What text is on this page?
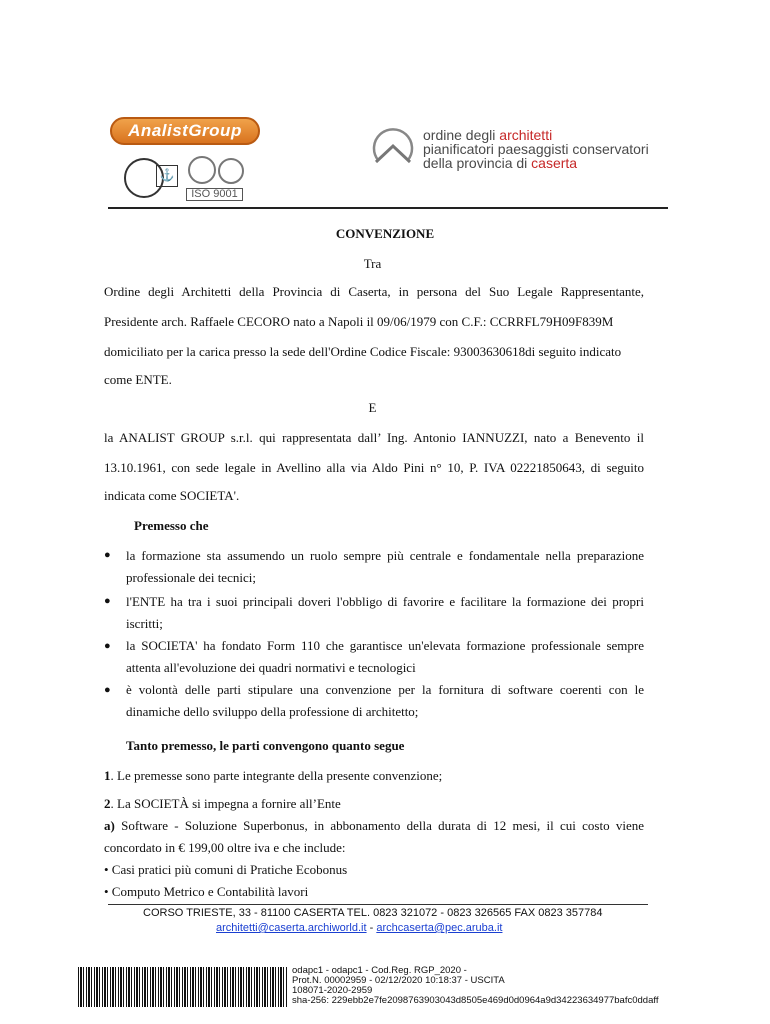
AnalistGroup
⚓
ISO 9001
ordine degli architetti
pianificatori paesaggisti conservatori
della provincia di caserta
CONVENZIONE
Tra
Ordine degli Architetti della Provincia di Caserta, in persona del Suo Legale Rappresentante,
Presidente arch. Raffaele CECORO nato a Napoli il 09/06/1979 con C.F.: CCRRFL79H09F839M
domiciliato per la carica presso la sede dell'Ordine Codice Fiscale: 93003630618di seguito indicato
come ENTE.
E
la ANALIST GROUP s.r.l. qui rappresentata dall’ Ing. Antonio IANNUZZI, nato a Benevento il
13.10.1961, con sede legale in Avellino alla via Aldo Pini n° 10, P. IVA 02221850643, di seguito
indicata come SOCIETA'.
Premesso che
● la formazione sta assumendo un ruolo sempre più centrale e fondamentale nella preparazione
professionale dei tecnici;
● l'ENTE ha tra i suoi principali doveri l'obbligo di favorire e facilitare la formazione dei propri
iscritti;
● la SOCIETA' ha fondato Form 110 che garantisce un'elevata formazione professionale sempre
attenta all'evoluzione dei quadri normativi e tecnologici
● è volontà delle parti stipulare una convenzione per la fornitura di software coerenti con le
dinamiche dello sviluppo della professione di architetto;
Tanto premesso, le parti convengono quanto segue
1. Le premesse sono parte integrante della presente convenzione;
2. La SOCIETÀ si impegna a fornire all’Ente
a) Software - Soluzione Superbonus, in abbonamento della durata di 12 mesi, il cui costo viene
concordato in € 199,00 oltre iva e che include:
• Casi pratici più comuni di Pratiche Ecobonus
• Computo Metrico e Contabilità lavori
CORSO TRIESTE, 33 - 81100 CASERTA TEL. 0823 321072 - 0823 326565 FAX 0823 357784
architetti@caserta.archiworld.it - archcaserta@pec.aruba.it
odapc1 - odapc1 - Cod.Reg. RGP_2020 -
Prot.N. 00002959 - 02/12/2020 10:18:37 - USCITA
108071-2020-2959
sha-256: 229ebb2e7fe2098763903043d8505e469d0d0964a9d34223634977bafc0ddaff
